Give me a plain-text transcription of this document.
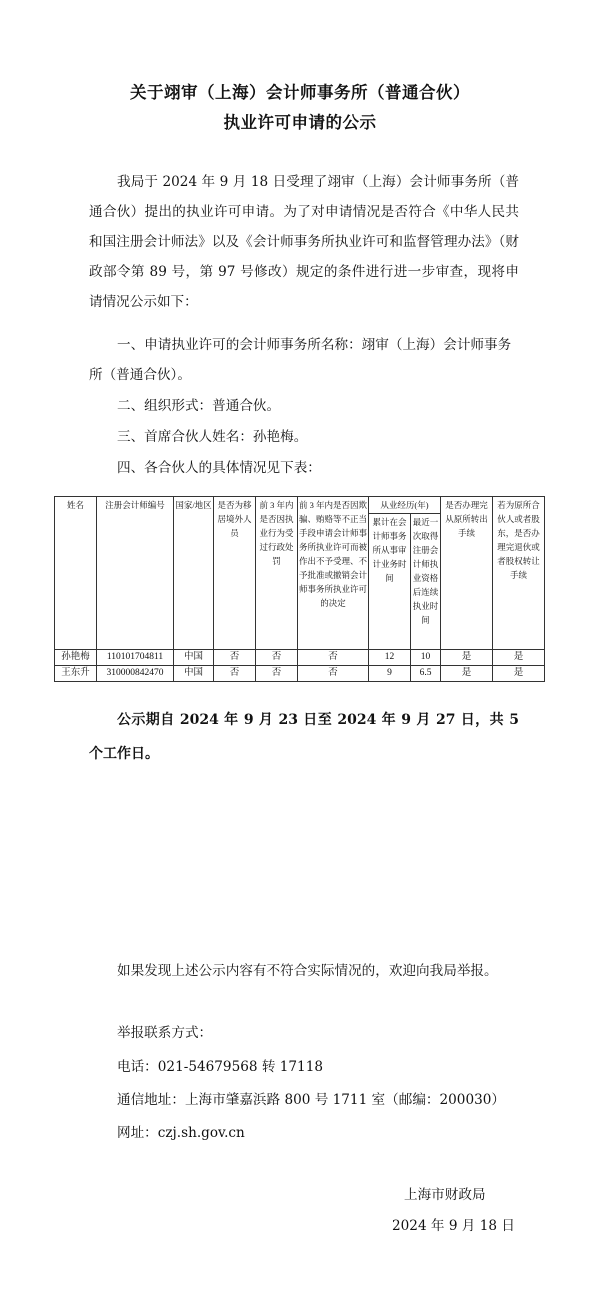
关于翊审（上海）会计师事务所（普通合伙）
执业许可申请的公示
我局于 2024 年 9 月 18 日受理了翊审（上海）会计师事务所（普通合伙）提出的执业许可申请。为了对申请情况是否符合《中华人民共和国注册会计师法》以及《会计师事务所执业许可和监督管理办法》（财政部令第 89 号，第 97 号修改）规定的条件进行进一步审查，现将申请情况公示如下：
一、申请执业许可的会计师事务所名称：翊审（上海）会计师事务所（普通合伙）。
二、组织形式：普通合伙。
三、首席合伙人姓名：孙艳梅。
四、各合伙人的具体情况见下表：
姓名	注册会计师编号	国家/地区	是否为移居境外人员	前 3 年内是否因执业行为受过行政处罚	前 3 年内是否因欺骗、贿赂等不正当手段申请会计师事务所执业许可而被作出不予受理、不予批准或撤销会计师事务所执业许可的决定	从业经历(年)		是否办理完从原所转出手续	若为原所合伙人或者股东，是否办理完退伙或者股权转让手续
						累计在会计师事务所从事审计业务时间	最近一次取得注册会计师执业资格后连续执业时间		
孙艳梅	110101704811	中国	否	否	否	12	10	是	是
王东升	310000842470	中国	否	否	否	9	6.5	是	是
公示期自 2024 年 9 月 23 日至 2024 年 9 月 27 日，共 5 个工作日。
如果发现上述公示内容有不符合实际情况的，欢迎向我局举报。
举报联系方式：
电话：021-54679568 转 17118
通信地址：上海市肇嘉浜路 800 号 1711 室（邮编：200030）
网址：czj.sh.gov.cn
上海市财政局
2024 年 9 月 18 日
